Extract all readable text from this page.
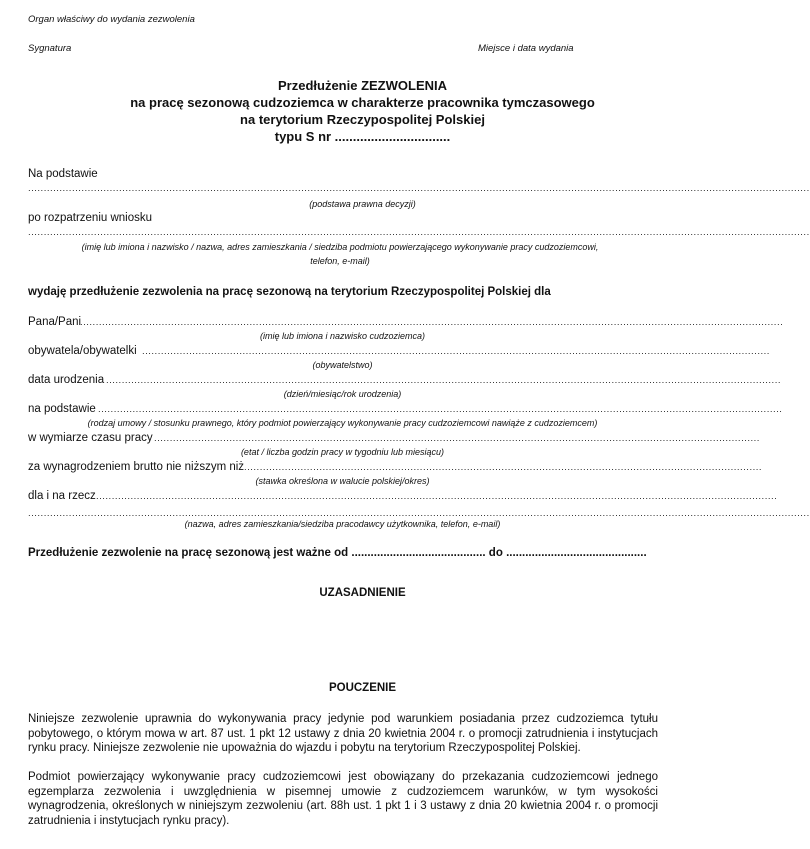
Organ właściwy do wydania zezwolenia
Sygnatura	Miejsce i data wydania
Przedłużenie ZEZWOLENIA
na pracę sezonową cudzoziemca w charakterze pracownika tymczasowego
na terytorium Rzeczypospolitej Polskiej
typu S nr ................................
Na podstawie
.........................................................................................................................................................................................................................................................
(podstawa prawna decyzji)
po rozpatrzeniu wniosku
.........................................................................................................................................................................................................................................................
(imię lub imiona i nazwisko / nazwa, adres zamieszkania / siedziba podmiotu powierzającego wykonywanie pracy cudzoziemcowi,
telefon, e-mail)
wydaję przedłużenie zezwolenia na pracę sezonową na terytorium Rzeczypospolitej Polskiej dla
Pana/Pani
................................................................................................................................................................................................................................
(imię lub imiona i nazwisko cudzoziemca)
obywatela/obywatelki ........................................................................................................................................................................................................
(obywatelstwo)
data urodzenia .......................................................................................................................................................................................................................
(dzień/miesiąc/rok urodzenia)
na podstawie ..........................................................................................................................................................................................................................
(rodzaj umowy / stosunku prawnego, który podmiot powierzający wykonywanie pracy cudzoziemcowi nawiąże z cudzoziemcem)
w wymiarze czasu pracy .................................................................................................................................................................................................
(etat / liczba godzin pracy w tygodniu lub miesiącu)
za wynagrodzeniem brutto nie niższym niż .....................................................................................................................................................................
(stawka określona w walucie polskiej/okres)
dla i na rzecz .........................................................................................................................................................................................................................
.........................................................................................................................................................................................................................................................
(nazwa, adres zamieszkania/siedziba pracodawcy użytkownika, telefon, e-mail)
Przedłużenie zezwolenie na pracę sezonową jest ważne od .......................................... do ............................................
UZASADNIENIE
POUCZENIE
Niniejsze zezwolenie uprawnia do wykonywania pracy jedynie pod warunkiem posiadania przez cudzoziemca tytułu pobytowego, o którym mowa w art. 87 ust. 1 pkt 12 ustawy z dnia 20 kwietnia 2004 r. o promocji zatrudnienia i instytucjach rynku pracy. Niniejsze zezwolenie nie upoważnia do wjazdu i pobytu na terytorium Rzeczypospolitej Polskiej.
Podmiot powierzający wykonywanie pracy cudzoziemcowi jest obowiązany do przekazania cudzoziemcowi jednego egzemplarza zezwolenia i uwzględnienia w pisemnej umowie z cudzoziemcem warunków, w tym wysokości wynagrodzenia, określonych w niniejszym zezwoleniu (art. 88h ust. 1 pkt 1 i 3 ustawy z dnia 20 kwietnia 2004 r. o promocji zatrudnienia i instytucjach rynku pracy).
